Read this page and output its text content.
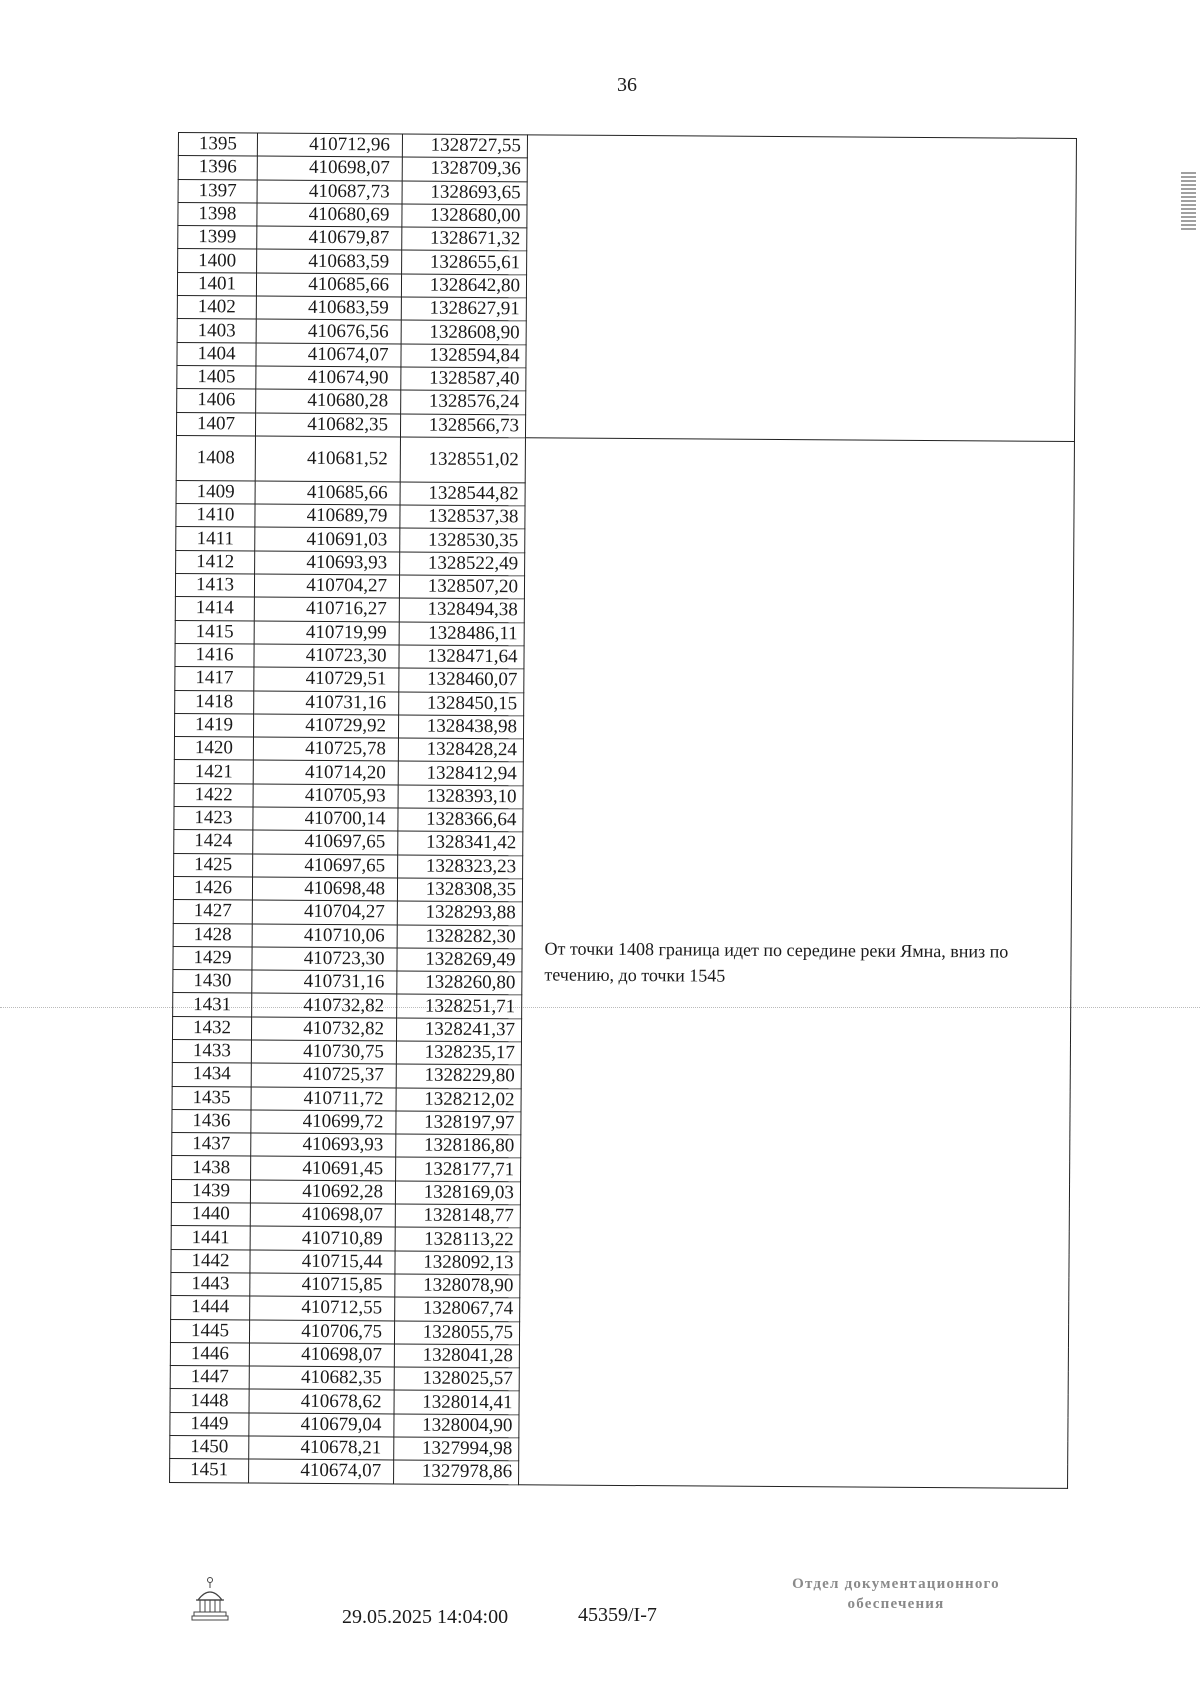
36
1395	410712,96	1328727,55	
1396	410698,07	1328709,36	
1397	410687,73	1328693,65	
1398	410680,69	1328680,00	
1399	410679,87	1328671,32	
1400	410683,59	1328655,61	
1401	410685,66	1328642,80	
1402	410683,59	1328627,91	
1403	410676,56	1328608,90	
1404	410674,07	1328594,84	
1405	410674,90	1328587,40	
1406	410680,28	1328576,24	
1407	410682,35	1328566,73	
1408	410681,52	1328551,02	От точки 1408 граница идет по середине реки Ямна, вниз по течению, до точки 1545

1409	410685,66	1328544,82	
1410	410689,79	1328537,38	
1411	410691,03	1328530,35	
1412	410693,93	1328522,49	
1413	410704,27	1328507,20	
1414	410716,27	1328494,38	
1415	410719,99	1328486,11	
1416	410723,30	1328471,64	
1417	410729,51	1328460,07	
1418	410731,16	1328450,15	
1419	410729,92	1328438,98	
1420	410725,78	1328428,24	
1421	410714,20	1328412,94	
1422	410705,93	1328393,10	
1423	410700,14	1328366,64	
1424	410697,65	1328341,42	
1425	410697,65	1328323,23	
1426	410698,48	1328308,35	
1427	410704,27	1328293,88	
1428	410710,06	1328282,30	
1429	410723,30	1328269,49	
1430	410731,16	1328260,80	
1431	410732,82	1328251,71	
1432	410732,82	1328241,37	
1433	410730,75	1328235,17	
1434	410725,37	1328229,80	
1435	410711,72	1328212,02	
1436	410699,72	1328197,97	
1437	410693,93	1328186,80	
1438	410691,45	1328177,71	
1439	410692,28	1328169,03	
1440	410698,07	1328148,77	
1441	410710,89	1328113,22	
1442	410715,44	1328092,13	
1443	410715,85	1328078,90	
1444	410712,55	1328067,74	
1445	410706,75	1328055,75	
1446	410698,07	1328041,28	
1447	410682,35	1328025,57	
1448	410678,62	1328014,41	
1449	410679,04	1328004,90	
1450	410678,21	1327994,98	
1451	410674,07	1327978,86	
29.05.2025 14:04:00	45359/I-7
Отдел документационного
обеспечения
